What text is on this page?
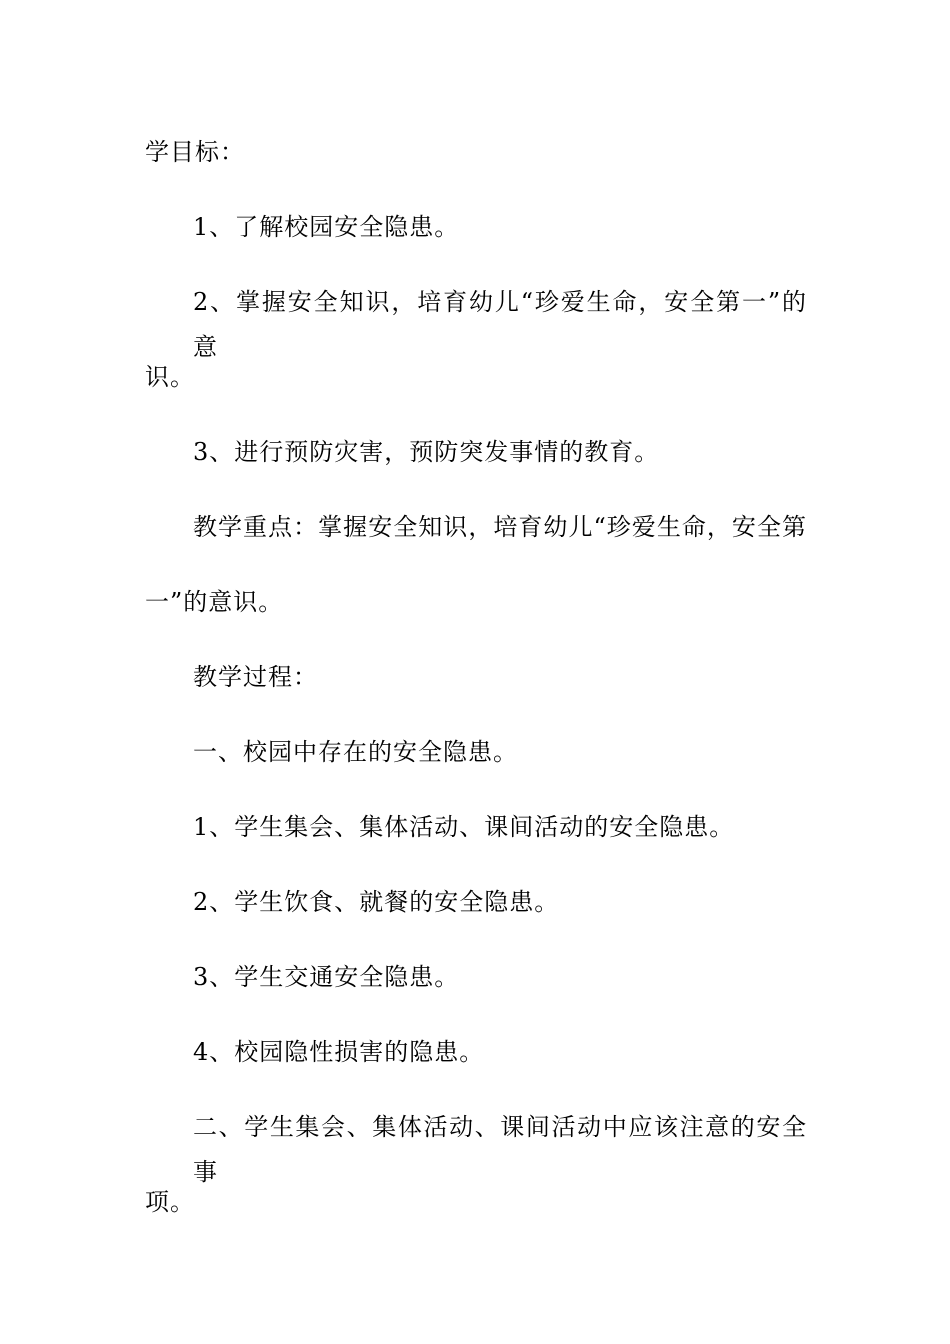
学目标：

1、了解校园安全隐患。

2、掌握安全知识，培育幼儿“珍爱生命，安全第一”的意

识。

3、进行预防灾害，预防突发事情的教育。

教学重点：掌握安全知识，培育幼儿“珍爱生命，安全第

一”的意识。

教学过程：

一、校园中存在的安全隐患。

1、学生集会、集体活动、课间活动的安全隐患。

2、学生饮食、就餐的安全隐患。

3、学生交通安全隐患。

4、校园隐性损害的隐患。

二、学生集会、集体活动、课间活动中应该注意的安全事

项。
